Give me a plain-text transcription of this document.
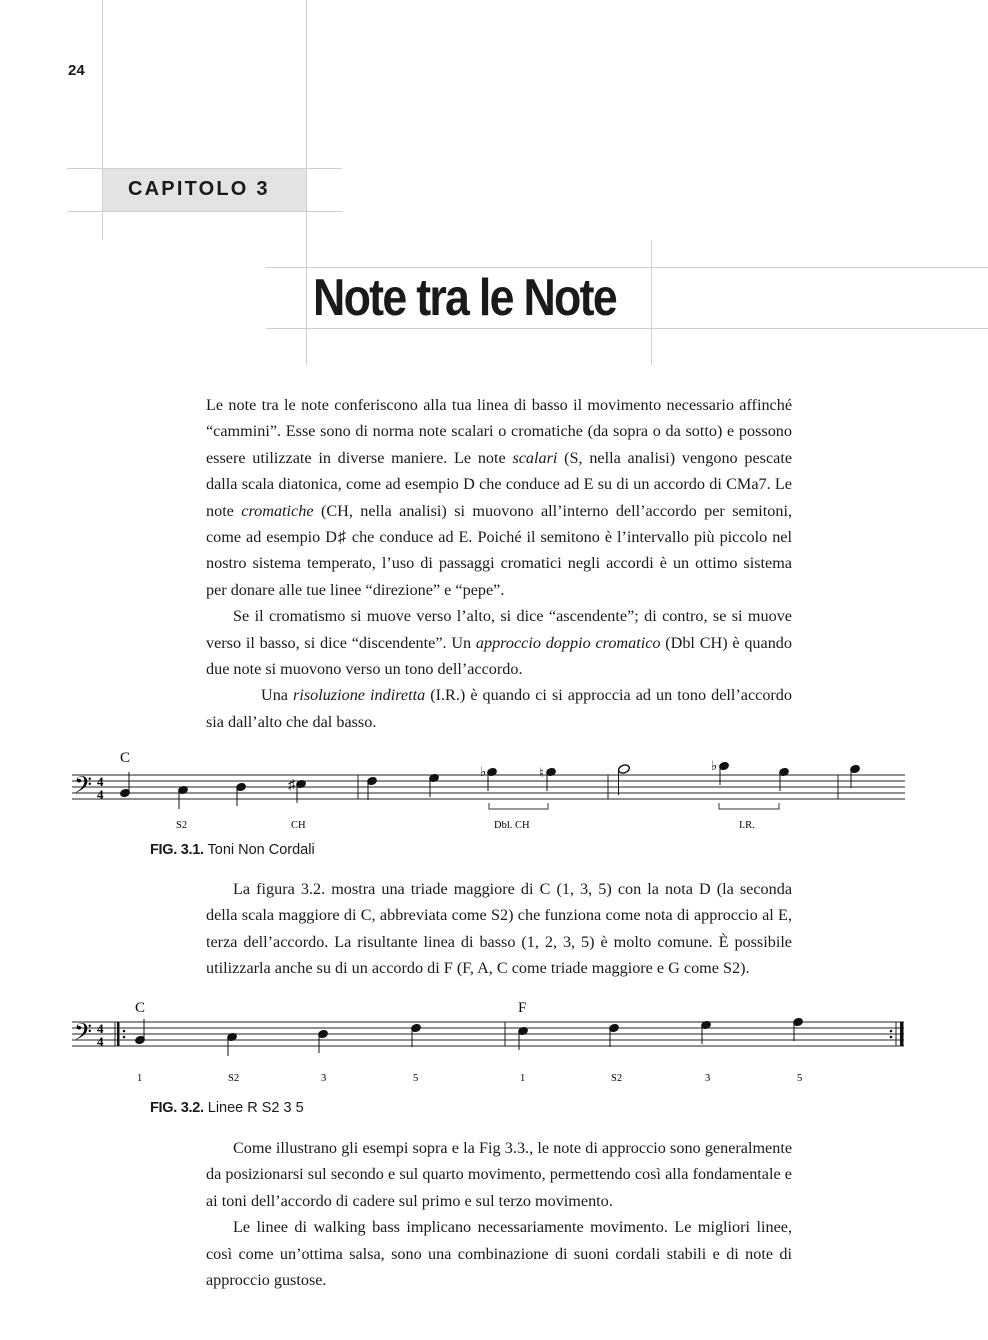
24
CAPITOLO 3
Note tra le Note

Le note tra le note conferiscono alla tua linea di basso il movimento necessario affinché “cammini”. Esse sono di norma note scalari o cromatiche (da sopra o da sotto) e possono essere utilizzate in diverse maniere. Le note scalari (S, nella analisi) vengono pescate dalla scala diatonica, come ad esempio D che conduce ad E su di un accordo di CMa7. Le note cromatiche (CH, nella analisi) si muovono all’interno dell’accordo per semitoni, come ad esempio D♯ che conduce ad E. Poiché il semitono è l’intervallo più piccolo nel nostro sistema temperato, l’uso di passaggi cromatici negli accordi è un ottimo sistema per donare alle tue linee “direzione” e “pepe”.

Se il cromatismo si muove verso l’alto, si dice “ascendente”; di contro, se si muove verso il basso, si dice “discendente”. Un approccio doppio cromatico (Dbl CH) è quando due note si muovono verso un tono dell’accordo.

Una risoluzione indiretta (I.R.) è quando ci si approccia ad un tono dell’accordo sia dall’alto che dal basso.

C
𝄢 4
4
♯
♭	♮	♭
S2	CH	Dbl. CH	I.R.
FIG. 3.1. Toni Non Cordali

La figura 3.2. mostra una triade maggiore di C (1, 3, 5) con la nota D (la seconda della scala maggiore di C, abbreviata come S2) che funziona come nota di approccio al E, terza dell’accordo. La risultante linea di basso (1, 2, 3, 5) è molto comune. È possibile utilizzarla anche su di un accordo di F (F, A, C come triade maggiore e G come S2).

C	F
𝄢 4
4
1	S2	3	5	1	S2	3	5
FIG. 3.2. Linee R S2 3 5

Come illustrano gli esempi sopra e la Fig 3.3., le note di approccio sono generalmente da posizionarsi sul secondo e sul quarto movimento, permettendo così alla fondamentale e ai toni dell’accordo di cadere sul primo e sul terzo movimento.

Le linee di walking bass implicano necessariamente movimento. Le migliori linee, così come un’ottima salsa, sono una combinazione di suoni cordali stabili e di note di approccio gustose.
